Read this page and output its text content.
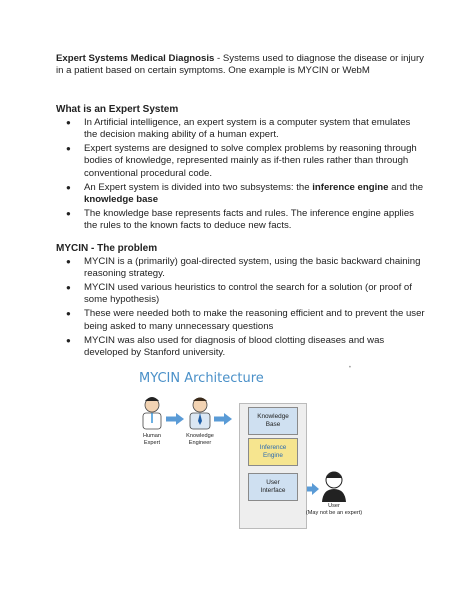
Expert Systems Medical Diagnosis - Systems used to diagnose the disease or injury in a patient based on certain symptoms. One example is MYCIN or WebM
What is an Expert System
● In Artificial intelligence, an expert system is a computer system that emulates the decision making ability of a human expert.
● Expert systems are designed to solve complex problems by reasoning through bodies of knowledge, represented mainly as if-then rules rather than through conventional procedural code.
● An Expert system is divided into two subsystems: the inference engine and the knowledge base
● The knowledge base represents facts and rules. The inference engine applies the rules to the known facts to deduce new facts.
MYCIN - The problem
● MYCIN is a (primarily) goal-directed system, using the basic backward chaining reasoning strategy.
● MYCIN used various heuristics to control the search for a solution (or proof of some hypothesis)
● These were needed both to make the reasoning efficient and to prevent the user being asked to many unnecessary questions
● MYCIN was also used for diagnosis of blood clotting diseases and was developed by Stanford university.
MYCIN Architecture
•
Knowledge
Base
Inference
Engine
User
Interface
Human
Expert
Knowledge
Engineer
User
(May not be an expert)
